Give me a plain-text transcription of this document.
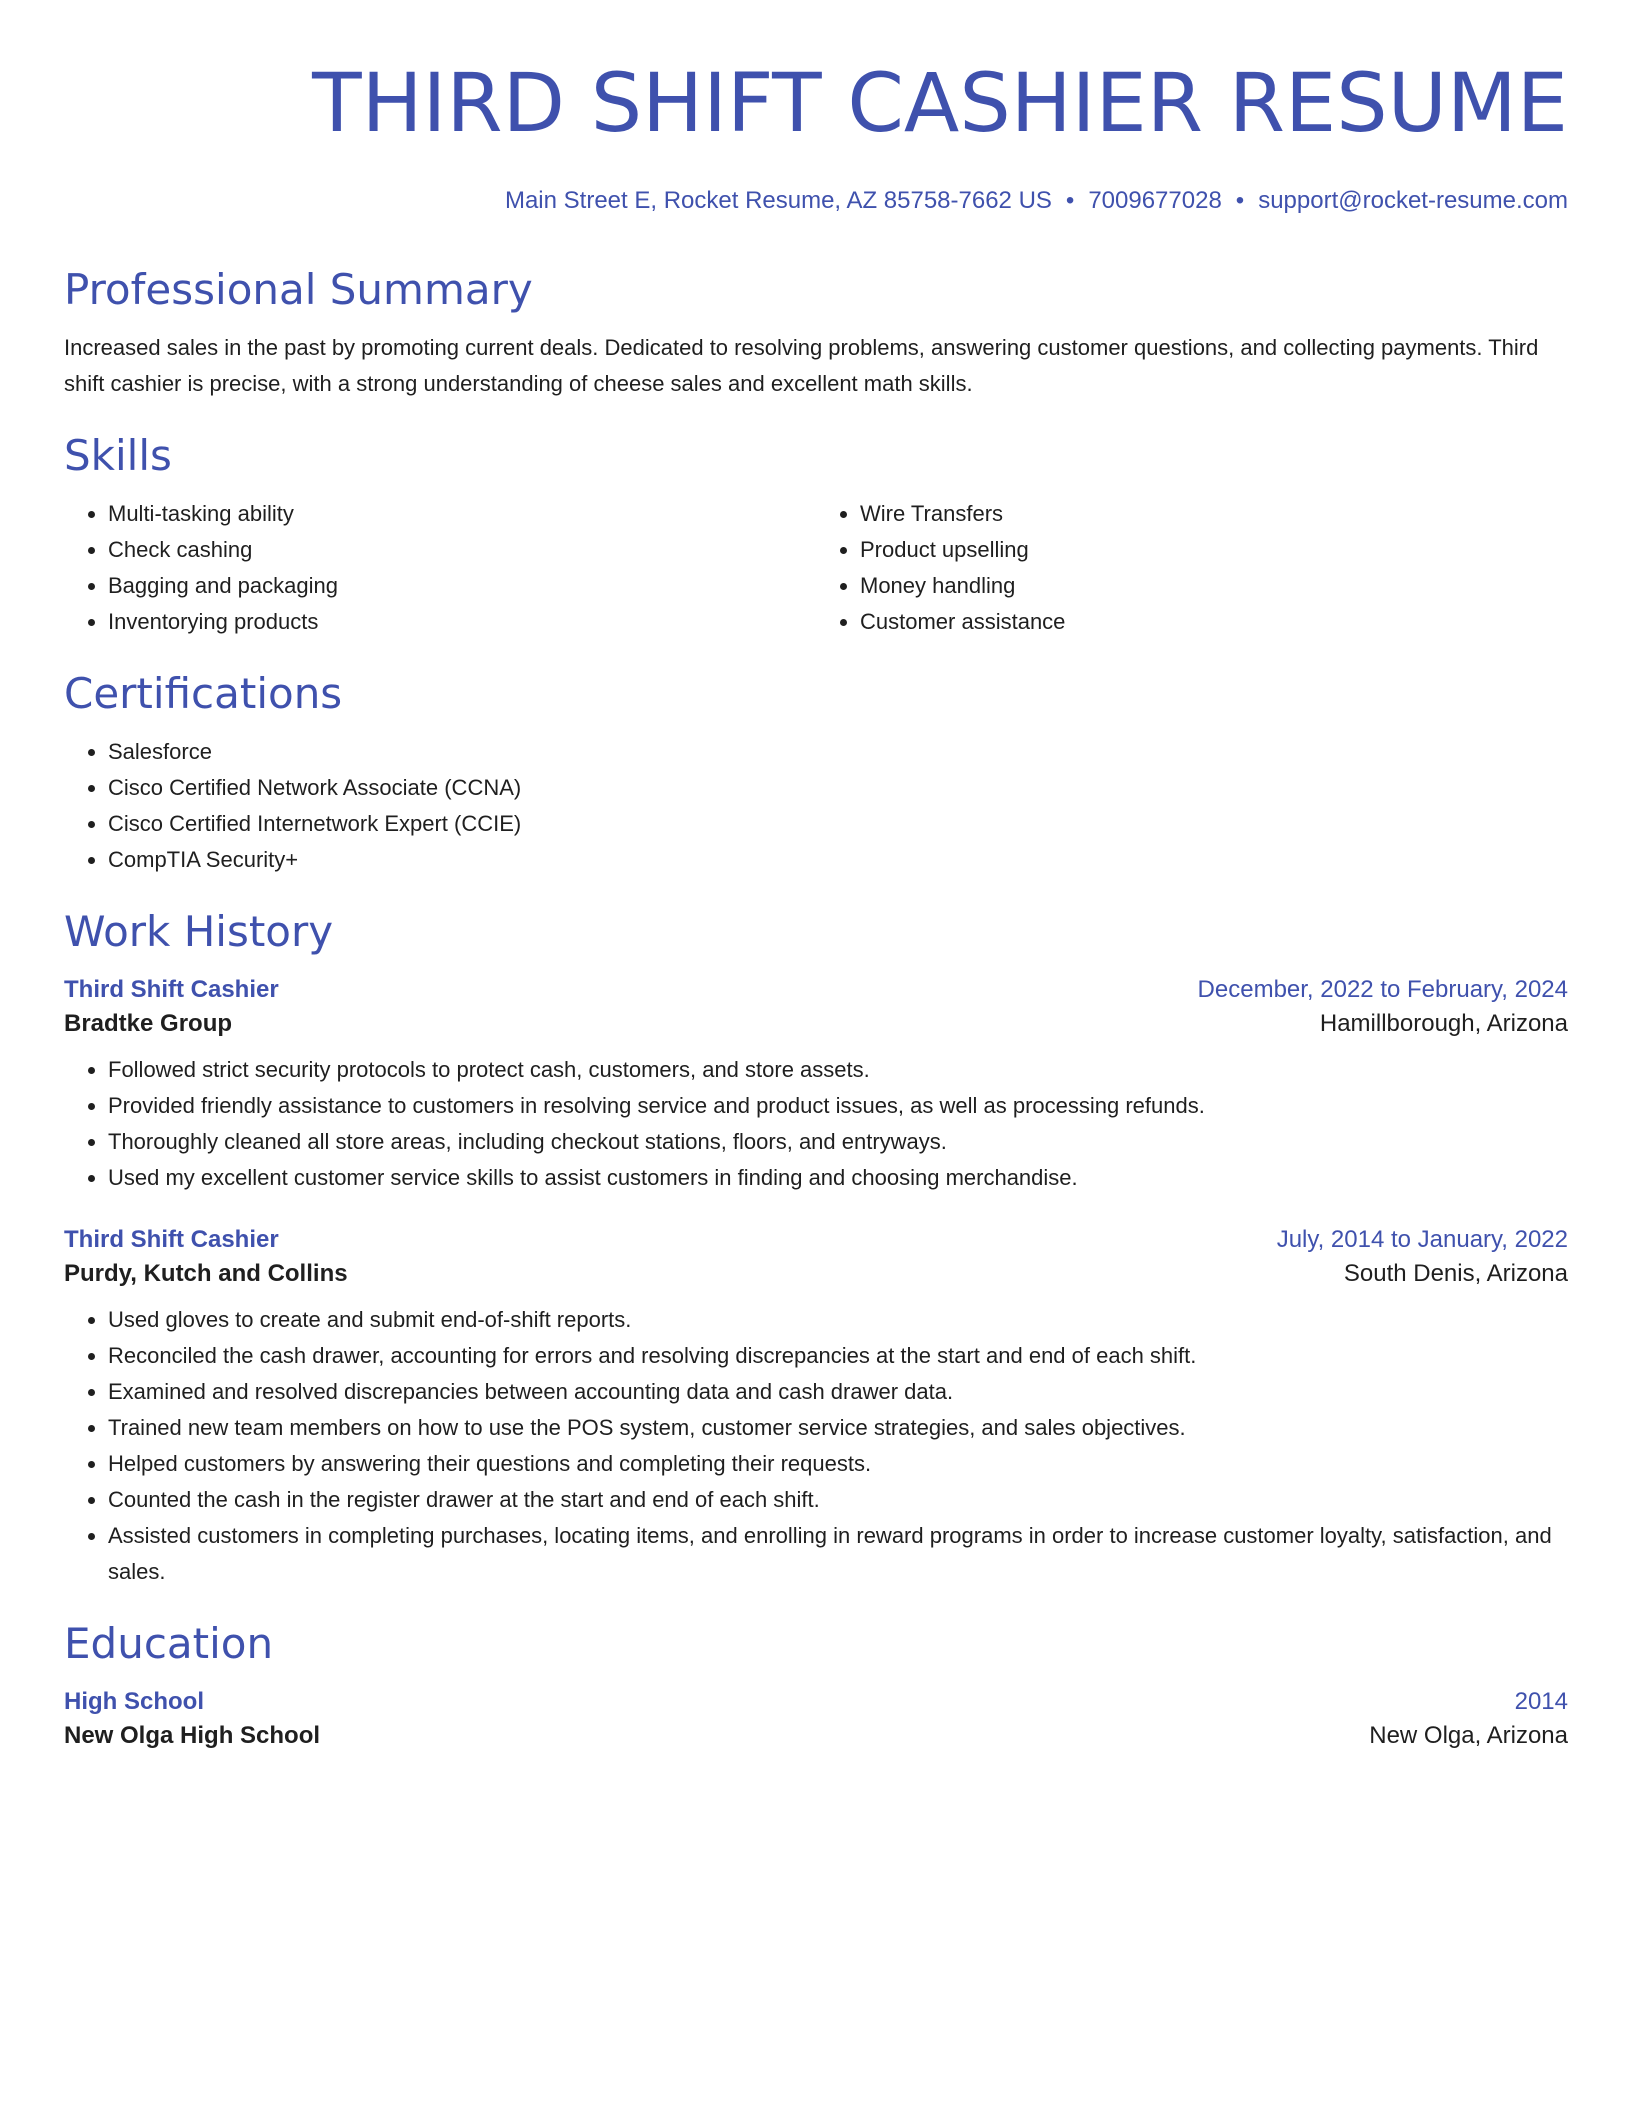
THIRD SHIFT CASHIER RESUME
Main Street E, Rocket Resume, AZ 85758-7662 US • 7009677028 • support@rocket-resume.com
Professional Summary
Increased sales in the past by promoting current deals. Dedicated to resolving problems, answering customer questions, and collecting payments. Third shift cashier is precise, with a strong understanding of cheese sales and excellent math skills.
Skills
• Multi-tasking ability
• Check cashing
• Bagging and packaging
• Inventorying products
• Wire Transfers
• Product upselling
• Money handling
• Customer assistance
Certifications
• Salesforce
• Cisco Certified Network Associate (CCNA)
• Cisco Certified Internetwork Expert (CCIE)
• CompTIA Security+
Work History
Third Shift Cashier	December, 2022 to February, 2024
Bradtke Group	Hamillborough, Arizona
• Followed strict security protocols to protect cash, customers, and store assets.
• Provided friendly assistance to customers in resolving service and product issues, as well as processing refunds.
• Thoroughly cleaned all store areas, including checkout stations, floors, and entryways.
• Used my excellent customer service skills to assist customers in finding and choosing merchandise.
Third Shift Cashier	July, 2014 to January, 2022
Purdy, Kutch and Collins	South Denis, Arizona
• Used gloves to create and submit end-of-shift reports.
• Reconciled the cash drawer, accounting for errors and resolving discrepancies at the start and end of each shift.
• Examined and resolved discrepancies between accounting data and cash drawer data.
• Trained new team members on how to use the POS system, customer service strategies, and sales objectives.
• Helped customers by answering their questions and completing their requests.
• Counted the cash in the register drawer at the start and end of each shift.
• Assisted customers in completing purchases, locating items, and enrolling in reward programs in order to increase customer loyalty, satisfaction, and sales.
Education
High School	2014
New Olga High School	New Olga, Arizona
